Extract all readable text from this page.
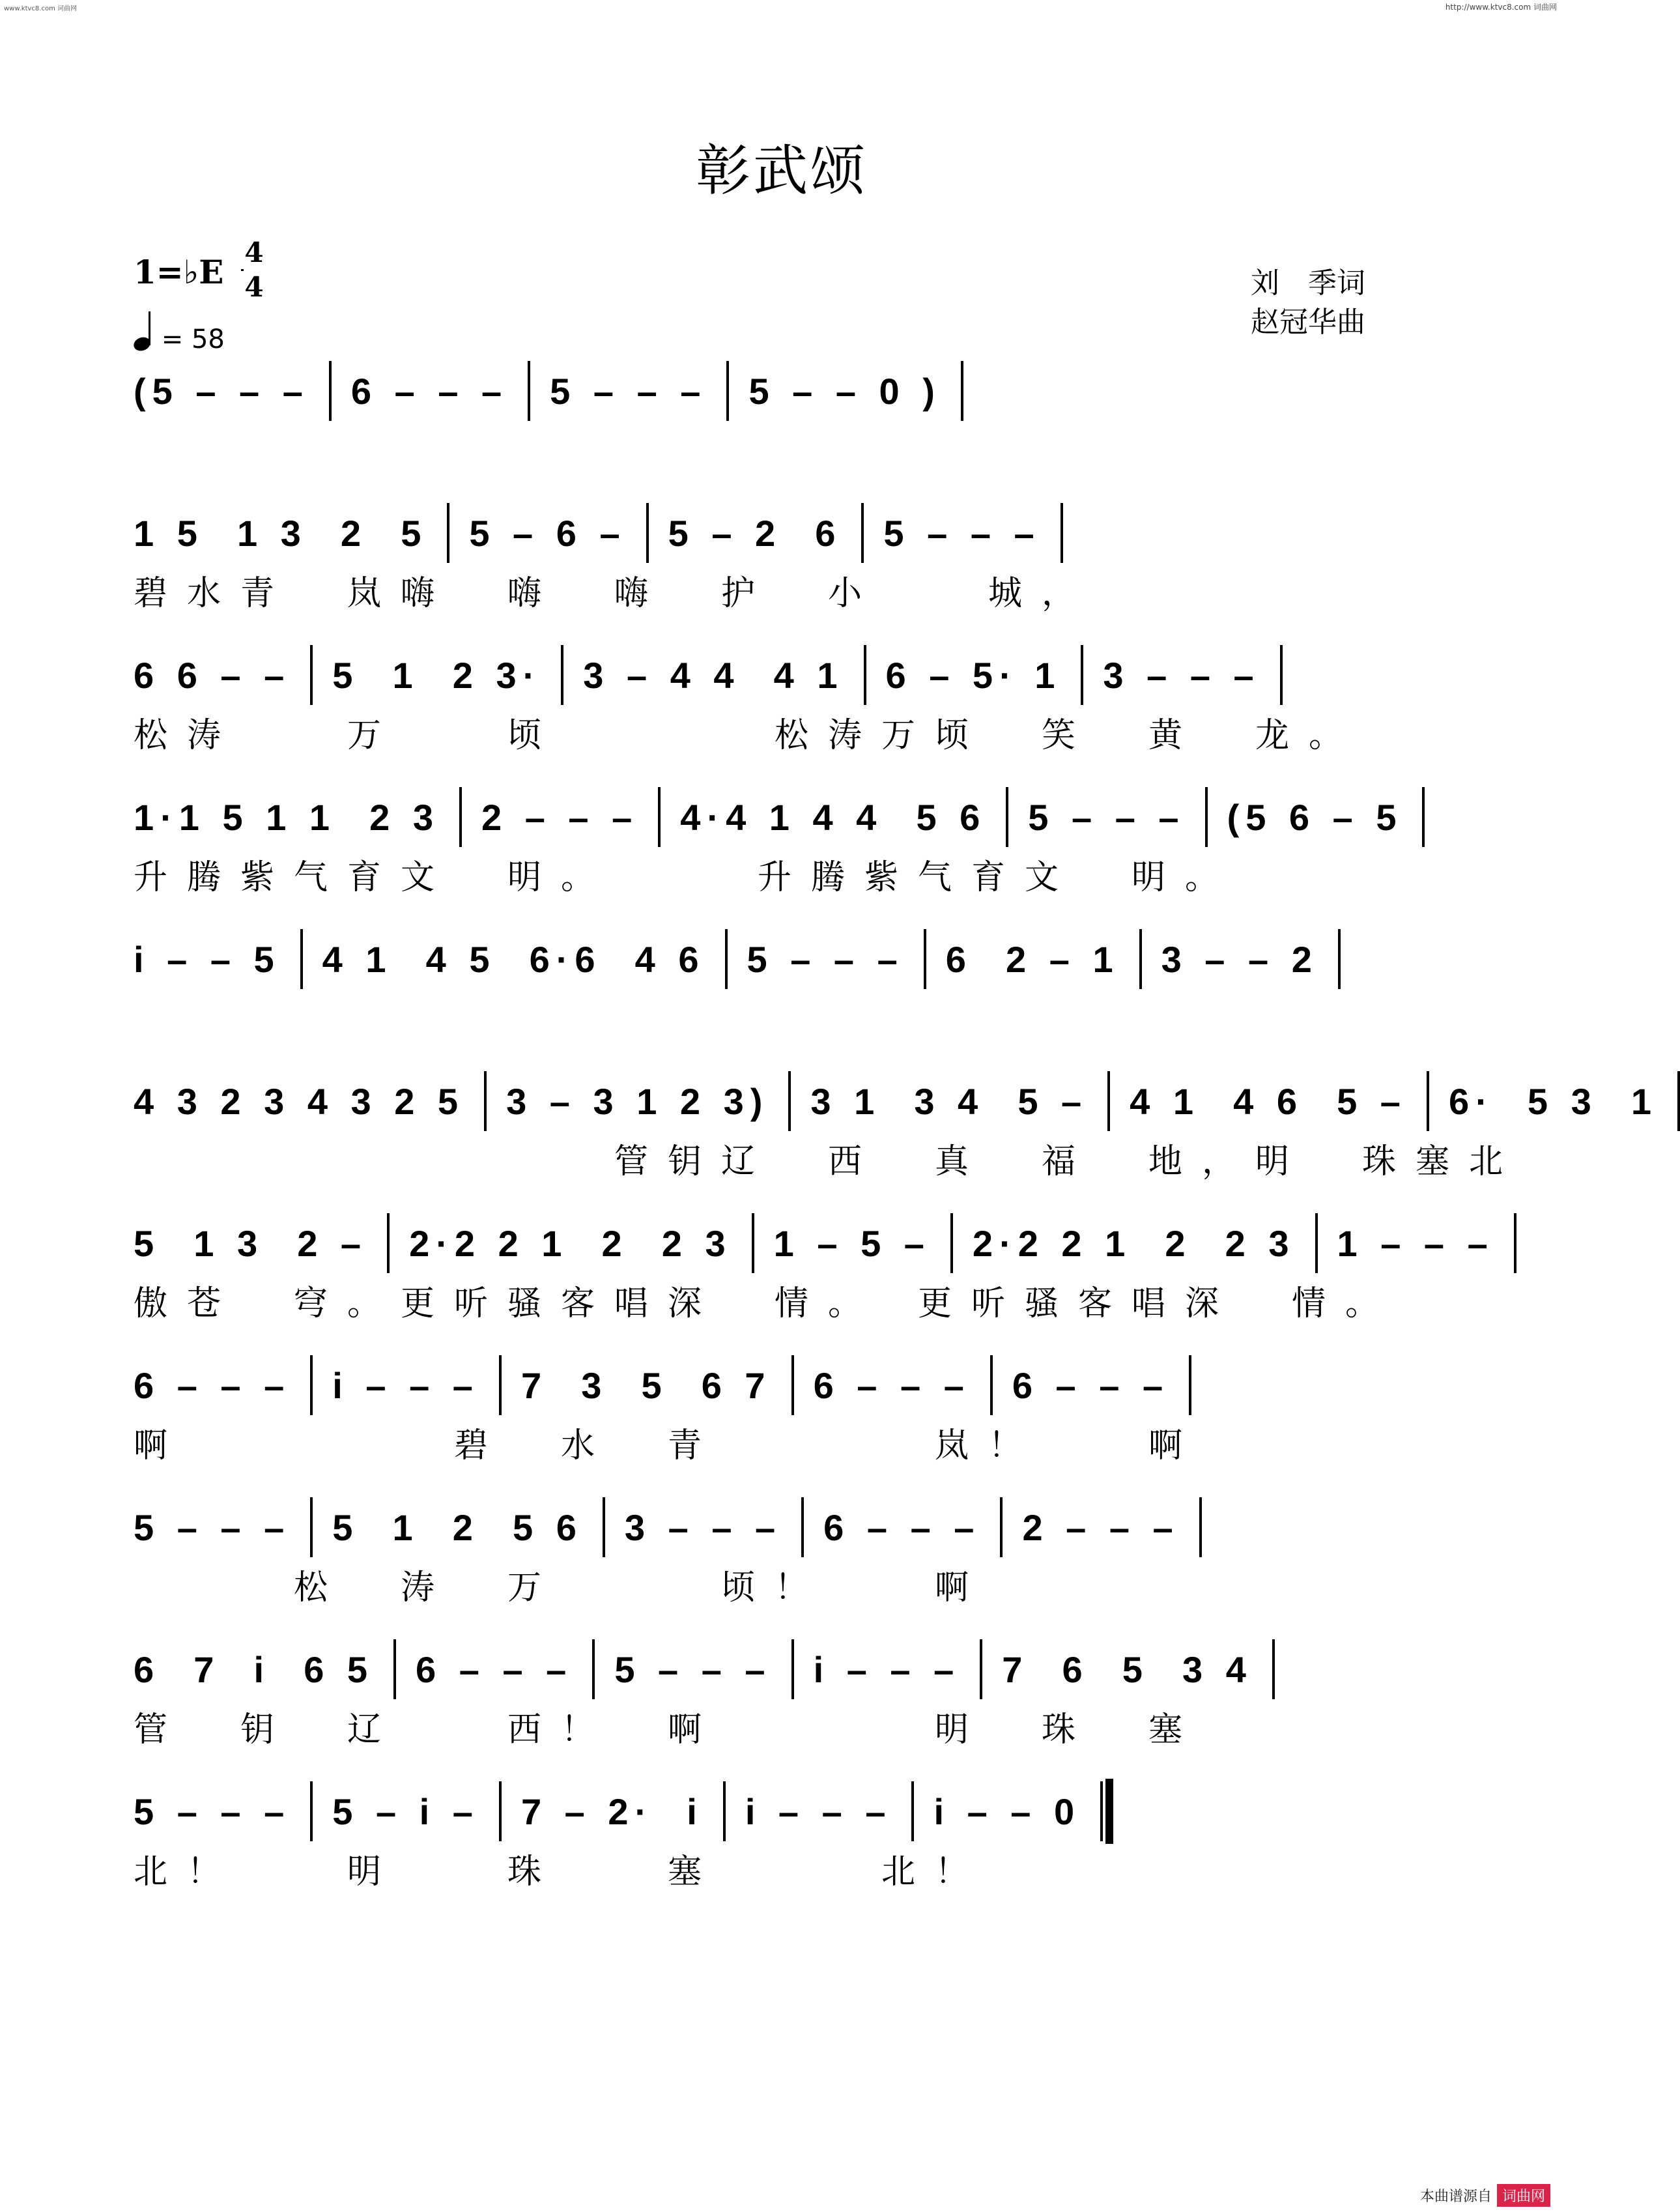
www.ktvc8.com 词曲网	http://www.ktvc8.com 词曲网
彰武颂
1=♭E
4
4
= 58
刘　季词
赵冠华曲
(5 – – – 6 – – – 5 – – – 5 – – 0 )
1 5  1 3  2  5 5 – 6 – 5 – 2  6 5 – – –
碧水青　岚嗨　嗨　嗨　护　小　　城，
6 6 – – 5  1  2 3· 3 – 4 4  4 1 6 – 5· 1 3 – – –
松涛　　万　　顷　　　　松涛万顷　笑　黄　龙。
1·1 5 1 1  2 3 2 – – – 4·4 1 4 4  5 6 5 – – – (5 6 – 5
升腾紫气育文　明。　　　升腾紫气育文　明。
i – – 5 4 1  4 5  6·6  4 6 5 – – – 6  2 – 1 3 – – 2
4 3 2 3 4 3 2 5 3 – 3 1 2 3) 3 1  3 4  5 – 4 1  4 6  5 – 6·  5 3  1
　　　　　　　　　管钥辽　西　真　福　地，明　珠塞北
5  1 3  2 – 2·2 2 1  2  2 3 1 – 5 – 2·2 2 1  2  2 3 1 – – –
傲苍　穹。更听骚客唱深　情。　更听骚客唱深　情。
6 – – – i – – – 7  3  5  6 7 6 – – – 6 – – –
啊　　　　　碧　水　青　　　　岚！　　啊
5 – – – 5  1  2  5 6 3 – – – 6 – – – 2 – – –
　　　松　涛　万　　　顷！　　啊
6  7  i  6 5 6 – – – 5 – – – i – – – 7  6  5  3 4
管　钥　辽　　西！　啊　　　　明　珠　塞
5 – – – 5 – i – 7 – 2·  i i – – – i – – 0
北！　　明　　珠　　塞　　　北！
本曲谱源自 词曲网
